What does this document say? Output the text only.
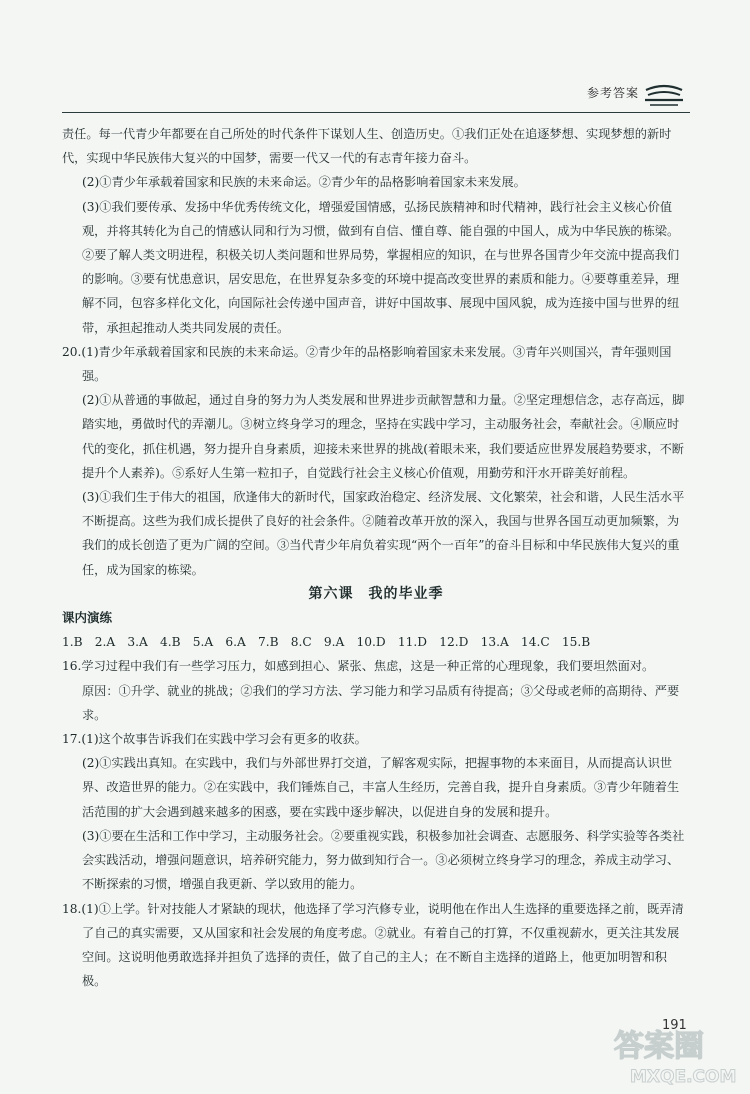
参考答案

责任。每一代青少年都要在自己所处的时代条件下谋划人生、创造历史。①我们正处在追逐梦想、实现梦想的新时代，实现中华民族伟大复兴的中国梦，需要一代又一代的有志青年接力奋斗。

(2)①青少年承载着国家和民族的未来命运。②青少年的品格影响着国家未来发展。

(3)①我们要传承、发扬中华优秀传统文化，增强爱国情感，弘扬民族精神和时代精神，践行社会主义核心价值观，并将其转化为自己的情感认同和行为习惯，做到有自信、懂自尊、能自强的中国人，成为中华民族的栋梁。②要了解人类文明进程，积极关切人类问题和世界局势，掌握相应的知识，在与世界各国青少年交流中提高我们的影响。③要有忧患意识，居安思危，在世界复杂多变的环境中提高改变世界的素质和能力。④要尊重差异，理解不同，包容多样化文化，向国际社会传递中国声音，讲好中国故事、展现中国风貌，成为连接中国与世界的纽带，承担起推动人类共同发展的责任。

20.(1)青少年承载着国家和民族的未来命运。②青少年的品格影响着国家未来发展。③青年兴则国兴，青年强则国强。

(2)①从普通的事做起，通过自身的努力为人类发展和世界进步贡献智慧和力量。②坚定理想信念，志存高远，脚踏实地，勇做时代的弄潮儿。③树立终身学习的理念，坚持在实践中学习，主动服务社会，奉献社会。④顺应时代的变化，抓住机遇，努力提升自身素质，迎接未来世界的挑战(着眼未来，我们要适应世界发展趋势要求，不断提升个人素养)。⑤系好人生第一粒扣子，自觉践行社会主义核心价值观，用勤劳和汗水开辟美好前程。

(3)①我们生于伟大的祖国，欣逢伟大的新时代，国家政治稳定、经济发展、文化繁荣，社会和谐，人民生活水平不断提高。这些为我们成长提供了良好的社会条件。②随着改革开放的深入，我国与世界各国互动更加频繁，为我们的成长创造了更为广阔的空间。③当代青少年肩负着实现“两个一百年”的奋斗目标和中华民族伟大复兴的重任，成为国家的栋梁。

第六课　我的毕业季

课内演练

1.B　2.A　3.A　4.B　5.A　6.A　7.B　8.C　9.A　10.D　11.D　12.D　13.A　14.C　15.B

16.学习过程中我们有一些学习压力，如感到担心、紧张、焦虑，这是一种正常的心理现象，我们要坦然面对。

原因：①升学、就业的挑战；②我们的学习方法、学习能力和学习品质有待提高；③父母或老师的高期待、严要求。

17.(1)这个故事告诉我们在实践中学习会有更多的收获。

(2)①实践出真知。在实践中，我们与外部世界打交道，了解客观实际，把握事物的本来面目，从而提高认识世界、改造世界的能力。②在实践中，我们锤炼自己，丰富人生经历，完善自我，提升自身素质。③青少年随着生活范围的扩大会遇到越来越多的困惑，要在实践中逐步解决，以促进自身的发展和提升。

(3)①要在生活和工作中学习，主动服务社会。②要重视实践，积极参加社会调查、志愿服务、科学实验等各类社会实践活动，增强问题意识，培养研究能力，努力做到知行合一。③必须树立终身学习的理念，养成主动学习、不断探索的习惯，增强自我更新、学以致用的能力。

18.(1)①上学。针对技能人才紧缺的现状，他选择了学习汽修专业，说明他在作出人生选择的重要选择之前，既弄清了自己的真实需要，又从国家和社会发展的角度考虑。②就业。有着自己的打算，不仅重视薪水，更关注其发展空间。这说明他勇敢选择并担负了选择的责任，做了自己的主人；在不断自主选择的道路上，他更加明智和积极。

191
答案圈
MXQE.COM
